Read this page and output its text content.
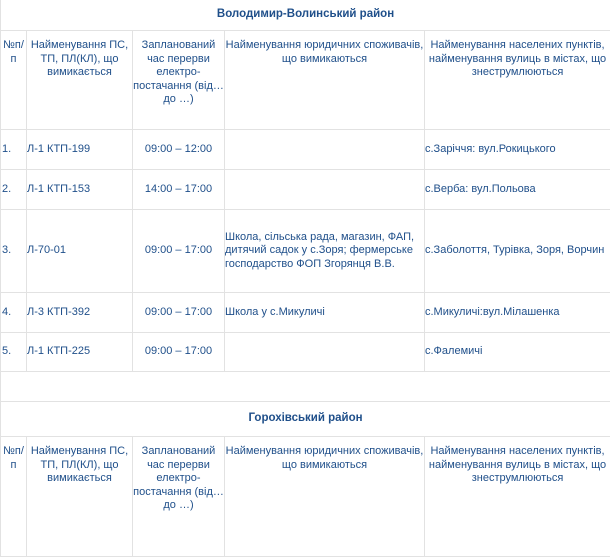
Володимир-Волинський район				
№п/п	Найменування ПС, ТП, ПЛ(КЛ), що вимикається	Запланований час перерви електро-постачання (від… до …)	Найменування юридичних споживачів, що вимикаються	Найменування населених пунктів, найменування вулиць в містах, що знеструмлюються
1.	Л-1 КТП-199	09:00 – 12:00		с.Заріччя: вул.Рокицького
2.	Л-1 КТП-153	14:00 – 17:00		с.Верба: вул.Польова
3.	Л-70-01	09:00 – 17:00	Школа, сільська рада, магазин, ФАП, дитячий садок у с.Зоря; фермерське господарство ФОП Згорянця В.В.	с.Заболоття, Турівка, Зоря, Ворчин
4.	Л-3 КТП-392	09:00 – 17:00	Школа у с.Микуличі	с.Микуличі:вул.Мілашенка
5.	Л-1 КТП-225	09:00 – 17:00		с.Фалемичі

Горохівський район				
№п/п	Найменування ПС, ТП, ПЛ(КЛ), що вимикається	Запланований час перерви електро-постачання (від… до …)	Найменування юридичних споживачів, що вимикаються	Найменування населених пунктів, найменування вулиць в містах, що знеструмлюються
